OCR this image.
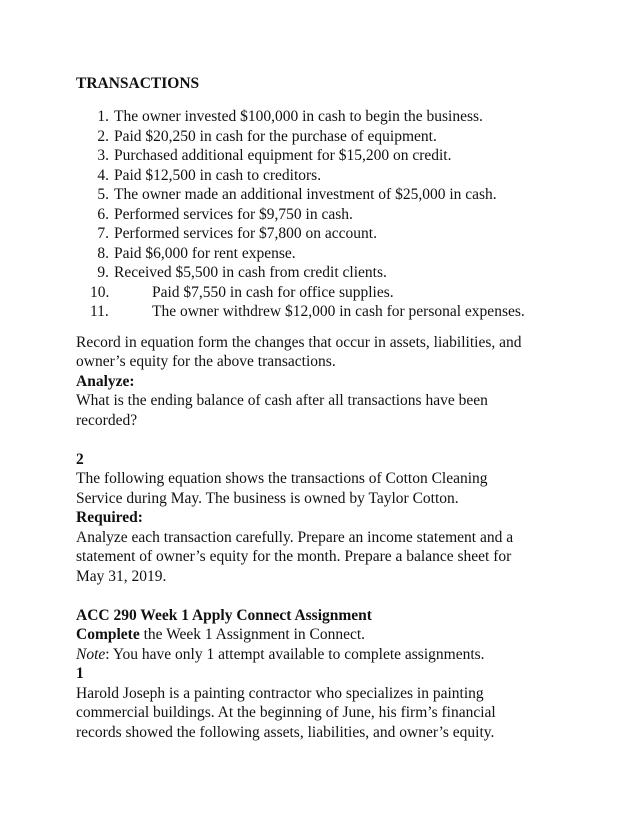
TRANSACTIONS
1. The owner invested $100,000 in cash to begin the business.
2. Paid $20,250 in cash for the purchase of equipment.
3. Purchased additional equipment for $15,200 on credit.
4. Paid $12,500 in cash to creditors.
5. The owner made an additional investment of $25,000 in cash.
6. Performed services for $9,750 in cash.
7. Performed services for $7,800 on account.
8. Paid $6,000 for rent expense.
9. Received $5,500 in cash from credit clients.
10.	Paid $7,550 in cash for office supplies.
11.	The owner withdrew $12,000 in cash for personal expenses.

Record in equation form the changes that occur in assets, liabilities, and
owner’s equity for the above transactions.

Analyze:

What is the ending balance of cash after all transactions have been
recorded?

2

The following equation shows the transactions of Cotton Cleaning
Service during May. The business is owned by Taylor Cotton.

Required:

Analyze each transaction carefully. Prepare an income statement and a
statement of owner’s equity for the month. Prepare a balance sheet for
May 31, 2019.

ACC 290 Week 1 Apply Connect Assignment

Complete the Week 1 Assignment in Connect.

Note: You have only 1 attempt available to complete assignments.

1

Harold Joseph is a painting contractor who specializes in painting
commercial buildings. At the beginning of June, his firm’s financial
records showed the following assets, liabilities, and owner’s equity.
